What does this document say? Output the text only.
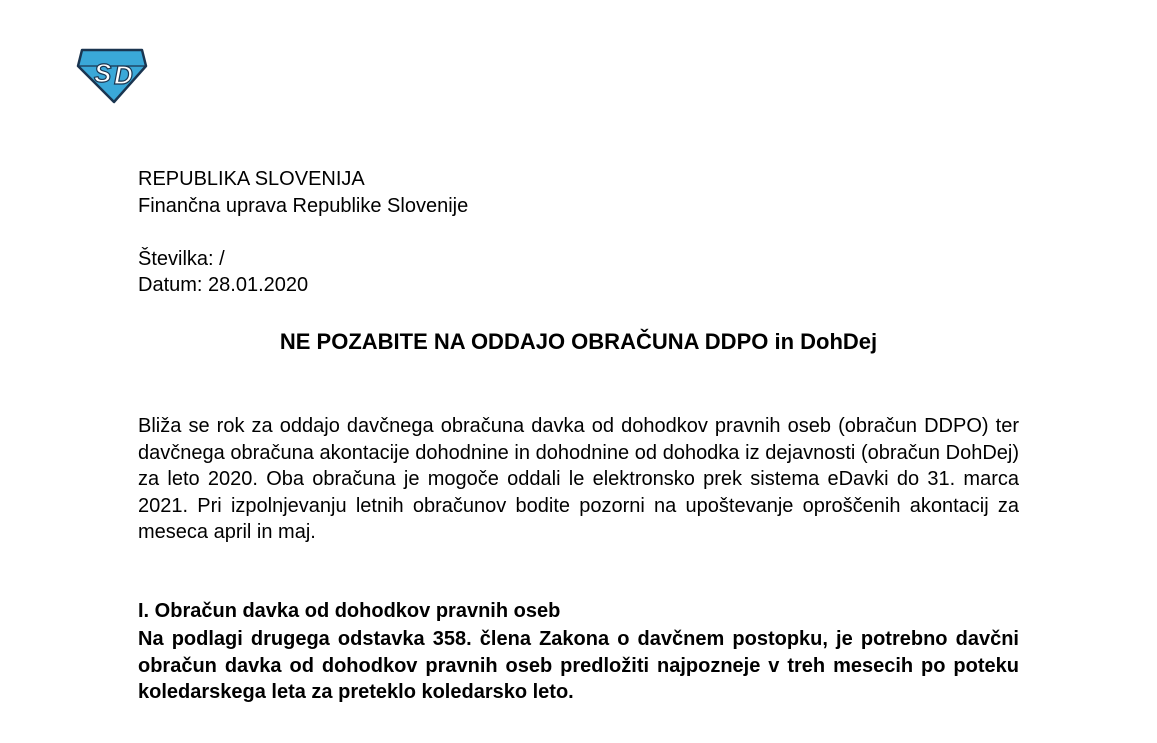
S D
REPUBLIKA SLOVENIJA
Finančna uprava Republike Slovenije
Številka: /
Datum: 28.01.2020
NE POZABITE NA ODDAJO OBRAČUNA DDPO in DohDej
Bliža se rok za oddajo davčnega obračuna davka od dohodkov pravnih oseb (obračun DDPO) ter davčnega obračuna akontacije dohodnine in dohodnine od dohodka iz dejavnosti (obračun DohDej) za leto 2020. Oba obračuna je mogoče oddali le elektronsko prek sistema eDavki do 31. marca 2021. Pri izpolnjevanju letnih obračunov bodite pozorni na upoštevanje oproščenih akontacij za meseca april in maj.
I. Obračun davka od dohodkov pravnih oseb
Na podlagi drugega odstavka 358. člena Zakona o davčnem postopku, je potrebno davčni obračun davka od dohodkov pravnih oseb predložiti najpozneje v treh mesecih po poteku koledarskega leta za preteklo koledarsko leto.
